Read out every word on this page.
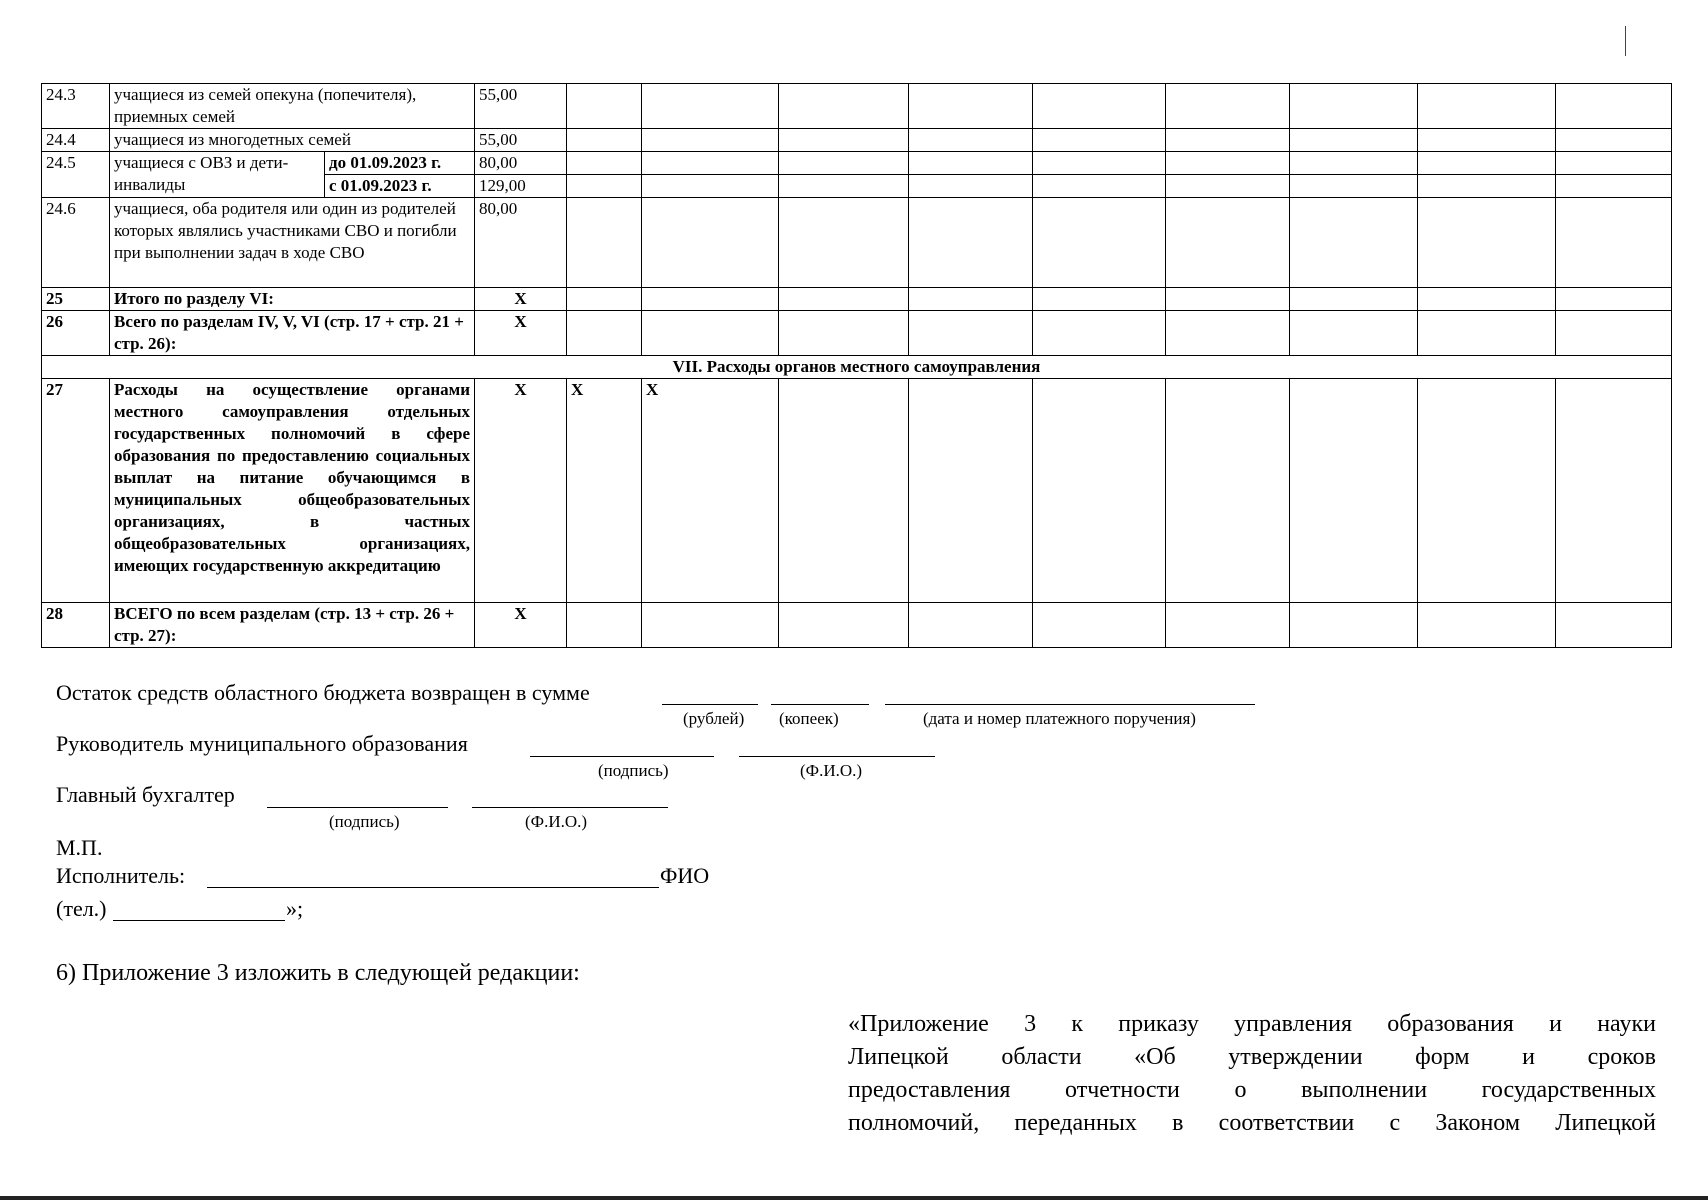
24.3	учащиеся из семей опекуна (попечителя), приемных семей		55,00									
24.4	учащиеся из многодетных семей		55,00									
24.5	учащиеся с ОВЗ и дети-инвалиды	до 01.09.2023 г.	80,00									
		с 01.09.2023 г.	129,00									
24.6	учащиеся, оба родителя или один из родителей которых являлись участниками СВО и погибли при выполнении задач в ходе СВО		80,00									
25	Итого по разделу VI:		Х									
26	Всего по разделам IV, V, VI (стр. 17 + стр. 21 + стр. 26):		Х									
VII. Расходы органов местного самоуправления												
27	Расходы на осуществление органами местного самоуправления отдельных государственных полномочий в сфере образования по предоставлению социальных выплат на питание обучающимся в муниципальных общеобразовательных организациях, в частных общеобразовательных организациях, имеющих государственную аккредитацию		Х	Х	Х							
28	ВСЕГО по всем разделам (стр. 13 + стр. 26 + стр. 27):		Х									
Остаток средств областного бюджета возвращен в сумме
(рублей) (копеек)	(дата и номер платежного поручения)
Руководитель муниципального образования
(подпись)	(Ф.И.О.)
Главный бухгалтер
(подпись)	(Ф.И.О.)
М.П.
Исполнитель:	ФИО
(тел.)	»;
6) Приложение 3 изложить в следующей редакции:
«Приложение 3 к приказу управления образования и науки
Липецкой области «Об утверждении форм и сроков
предоставления отчетности о выполнении государственных
полномочий, переданных в соответствии с Законом Липецкой
